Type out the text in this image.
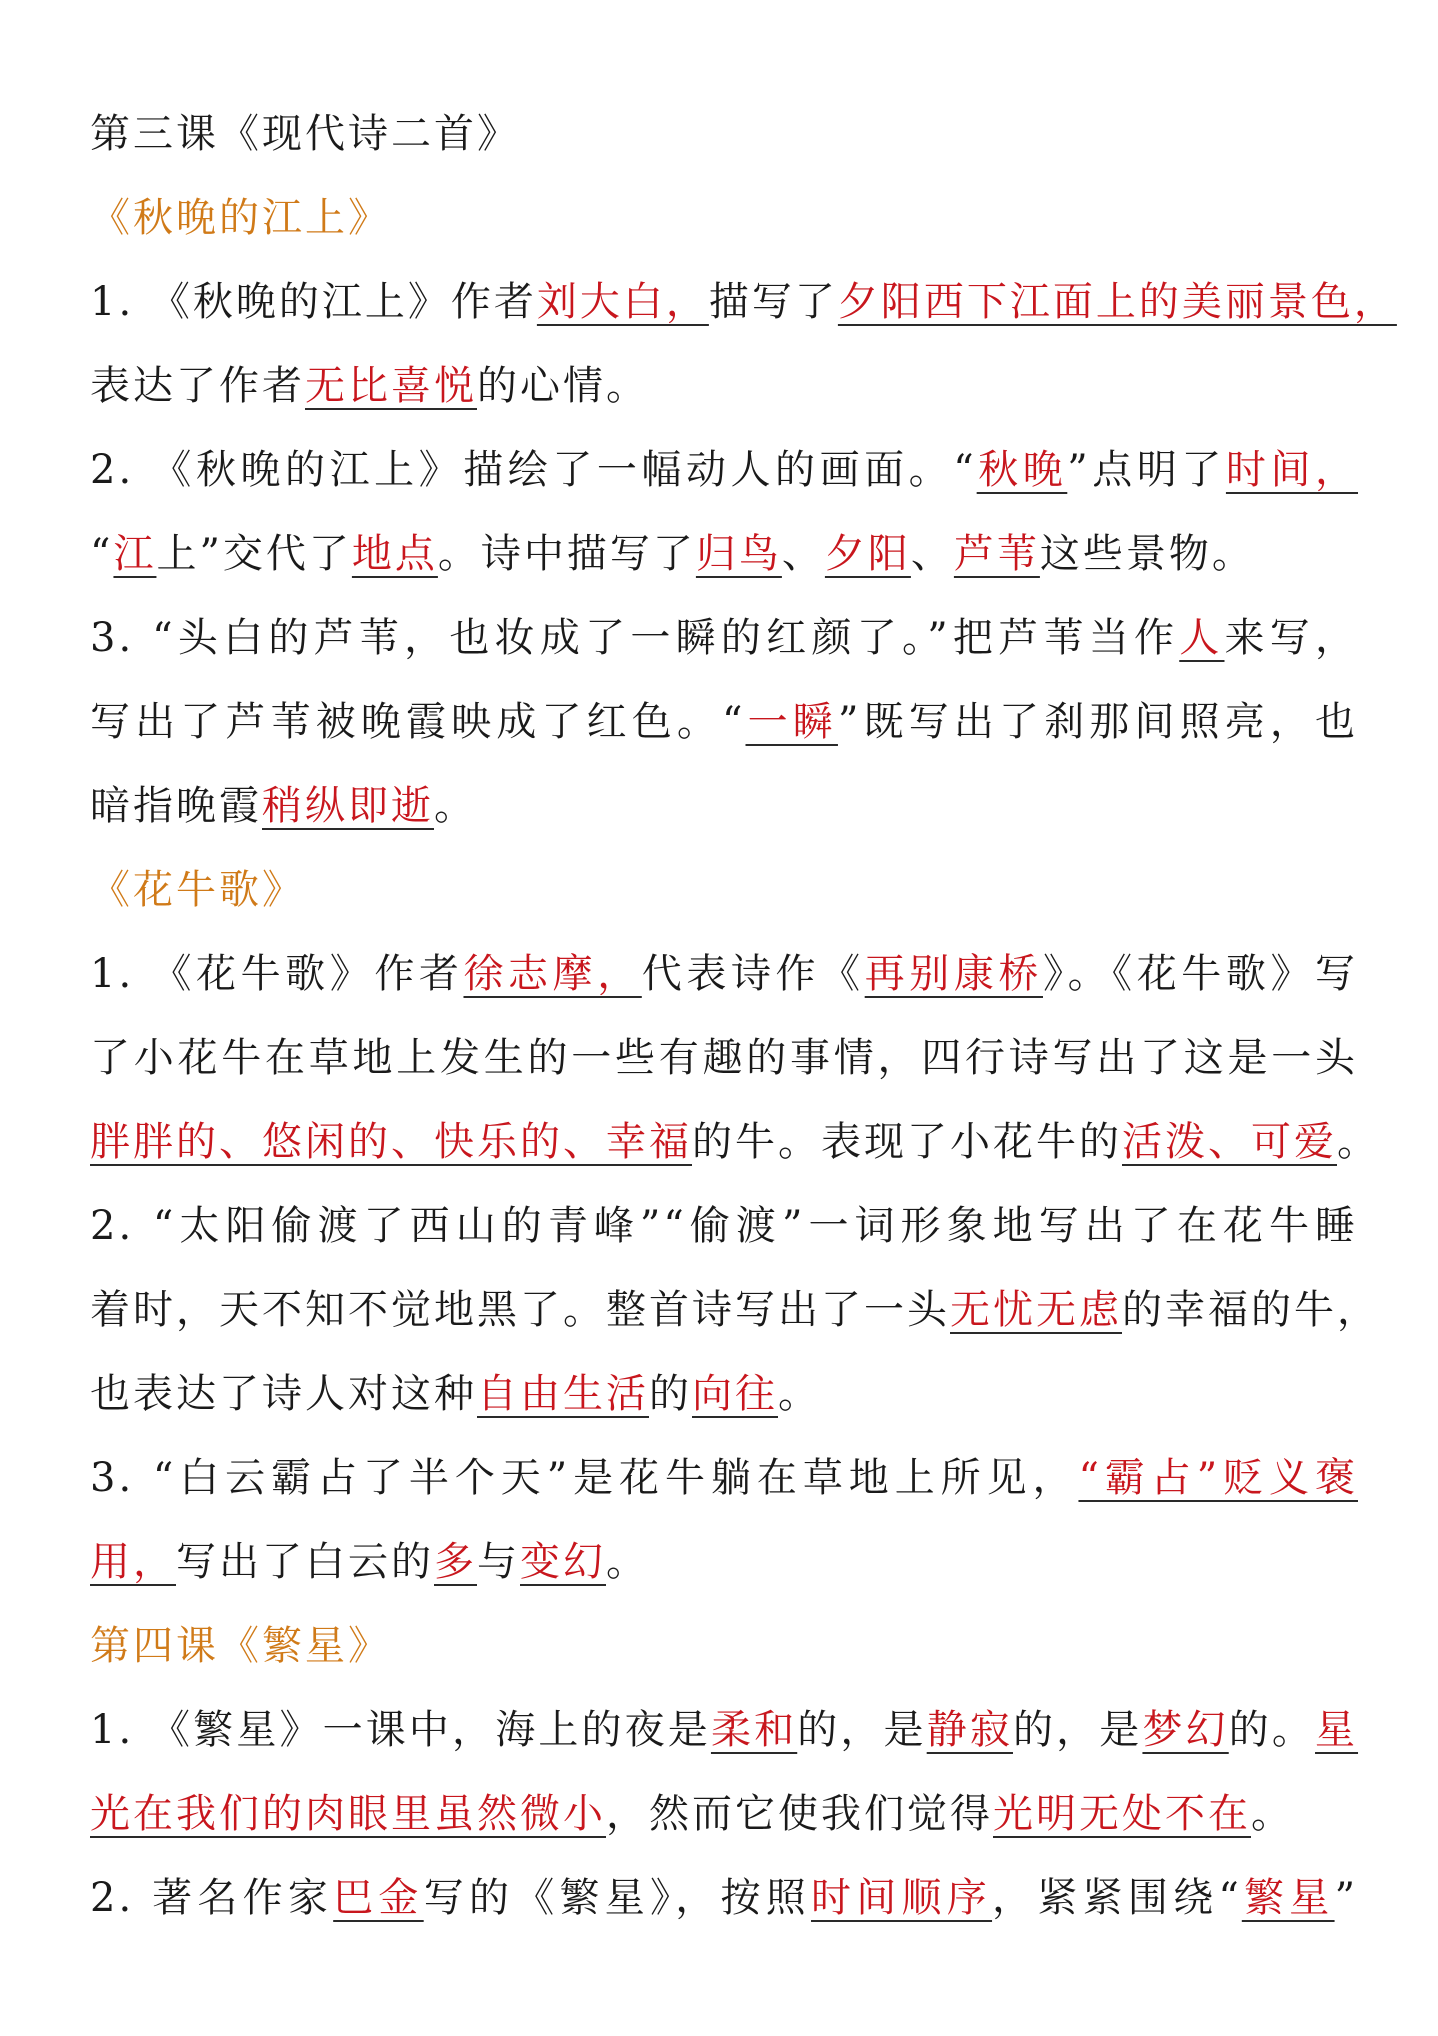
第三课《现代诗二首》
《秋晚的江上》
1. 《秋晚的江上》作者刘大白，描写了夕阳西下江面上的美丽景色，
表达了作者无比喜悦的心情。
2. 《秋晚的江上》描绘了一幅动人的画面。“秋晚”点明了时间，
“江上”交代了地点。诗中描写了归鸟、夕阳、芦苇这些景物。
3. “头白的芦苇，也妆成了一瞬的红颜了。”把芦苇当作人来写，
写出了芦苇被晚霞映成了红色。“一瞬”既写出了刹那间照亮，也
暗指晚霞稍纵即逝。
《花牛歌》
1. 《花牛歌》作者徐志摩，代表诗作《再别康桥》。《花牛歌》写
了小花牛在草地上发生的一些有趣的事情，四行诗写出了这是一头
胖胖的、悠闲的、快乐的、幸福的牛。表现了小花牛的活泼、可爱。
2. “太阳偷渡了西山的青峰”“偷渡”一词形象地写出了在花牛睡
着时，天不知不觉地黑了。整首诗写出了一头无忧无虑的幸福的牛，
也表达了诗人对这种自由生活的向往。
3. “白云霸占了半个天”是花牛躺在草地上所见，“霸占”贬义褒
用，写出了白云的多与变幻。
第四课《繁星》
1. 《繁星》一课中，海上的夜是柔和的，是静寂的，是梦幻的。星
光在我们的肉眼里虽然微小，然而它使我们觉得光明无处不在。
2. 著名作家巴金写的《繁星》，按照时间顺序，紧紧围绕“繁星”
